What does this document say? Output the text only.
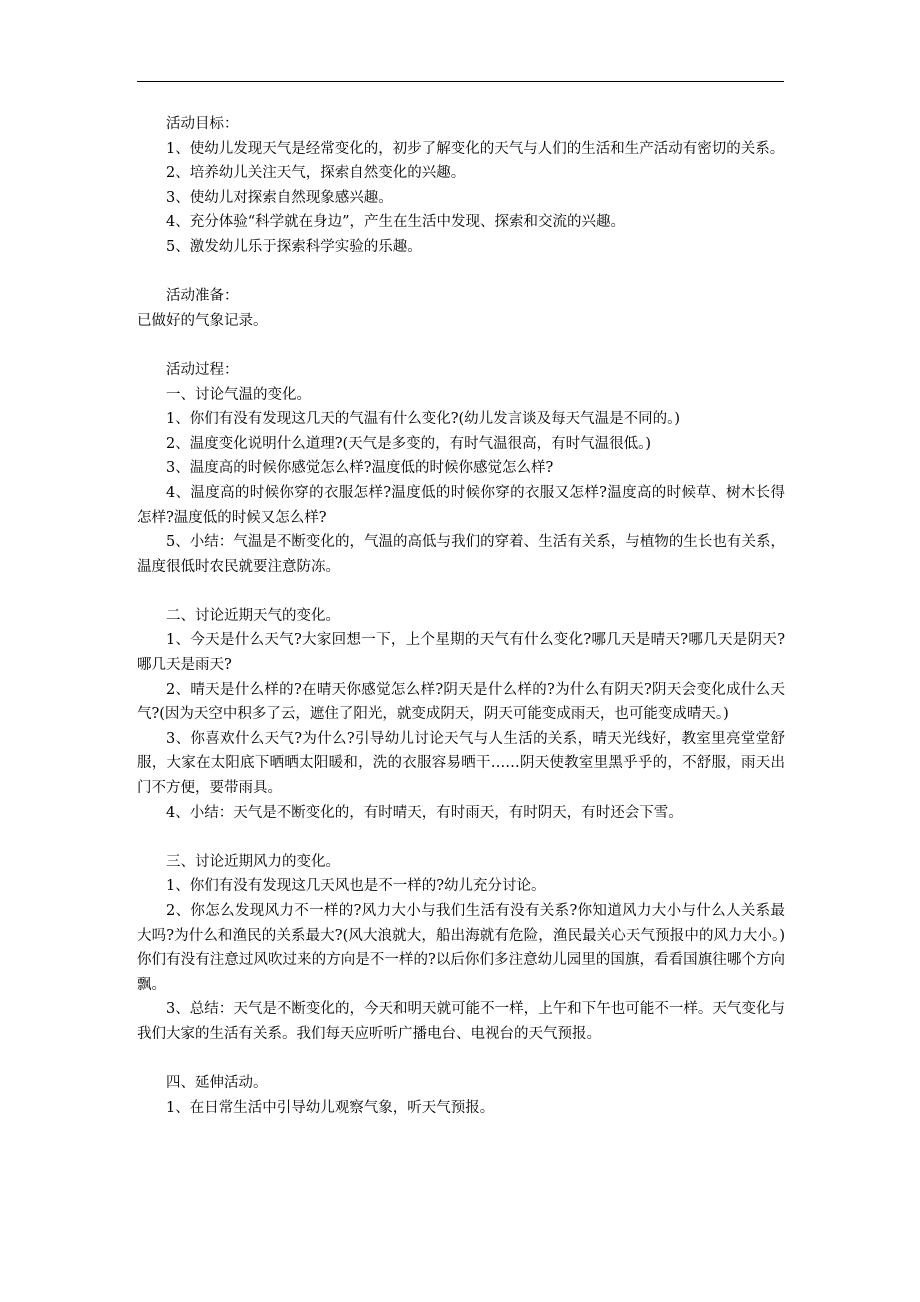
活动目标：

1、使幼儿发现天气是经常变化的，初步了解变化的天气与人们的生活和生产活动有密切的关系。

2、培养幼儿关注天气，探索自然变化的兴趣。

3、使幼儿对探索自然现象感兴趣。

4、充分体验“科学就在身边”，产生在生活中发现、探索和交流的兴趣。

5、激发幼儿乐于探索科学实验的乐趣。

活动准备：

已做好的气象记录。

活动过程：

一、讨论气温的变化。

1、你们有没有发现这几天的气温有什么变化?(幼儿发言谈及每天气温是不同的。)

2、温度变化说明什么道理?(天气是多变的，有时气温很高，有时气温很低。)

3、温度高的时候你感觉怎么样?温度低的时候你感觉怎么样?

4、温度高的时候你穿的衣服怎样?温度低的时候你穿的衣服又怎样?温度高的时候草、树木长得怎样?温度低的时候又怎么样?

5、小结：气温是不断变化的，气温的高低与我们的穿着、生活有关系，与植物的生长也有关系，温度很低时农民就要注意防冻。

二、讨论近期天气的变化。

1、今天是什么天气?大家回想一下，上个星期的天气有什么变化?哪几天是晴天?哪几天是阴天?哪几天是雨天?

2、晴天是什么样的?在晴天你感觉怎么样?阴天是什么样的?为什么有阴天?阴天会变化成什么天气?(因为天空中积多了云，遮住了阳光，就变成阴天，阴天可能变成雨天，也可能变成晴天。)

3、你喜欢什么天气?为什么?引导幼儿讨论天气与人生活的关系，晴天光线好，教室里亮堂堂舒服，大家在太阳底下晒晒太阳暖和，洗的衣服容易晒干……阴天使教室里黑乎乎的，不舒服，雨天出门不方便，要带雨具。

4、小结：天气是不断变化的，有时晴天，有时雨天，有时阴天，有时还会下雪。

三、讨论近期风力的变化。

1、你们有没有发现这几天风也是不一样的?幼儿充分讨论。

2、你怎么发现风力不一样的?风力大小与我们生活有没有关系?你知道风力大小与什么人关系最大吗?为什么和渔民的关系最大?(风大浪就大，船出海就有危险，渔民最关心天气预报中的风力大小。)你们有没有注意过风吹过来的方向是不一样的?以后你们多注意幼儿园里的国旗，看看国旗往哪个方向飘。

3、总结：天气是不断变化的，今天和明天就可能不一样，上午和下午也可能不一样。天气变化与我们大家的生活有关系。我们每天应听听广播电台、电视台的天气预报。

四、延伸活动。

1、在日常生活中引导幼儿观察气象，听天气预报。
